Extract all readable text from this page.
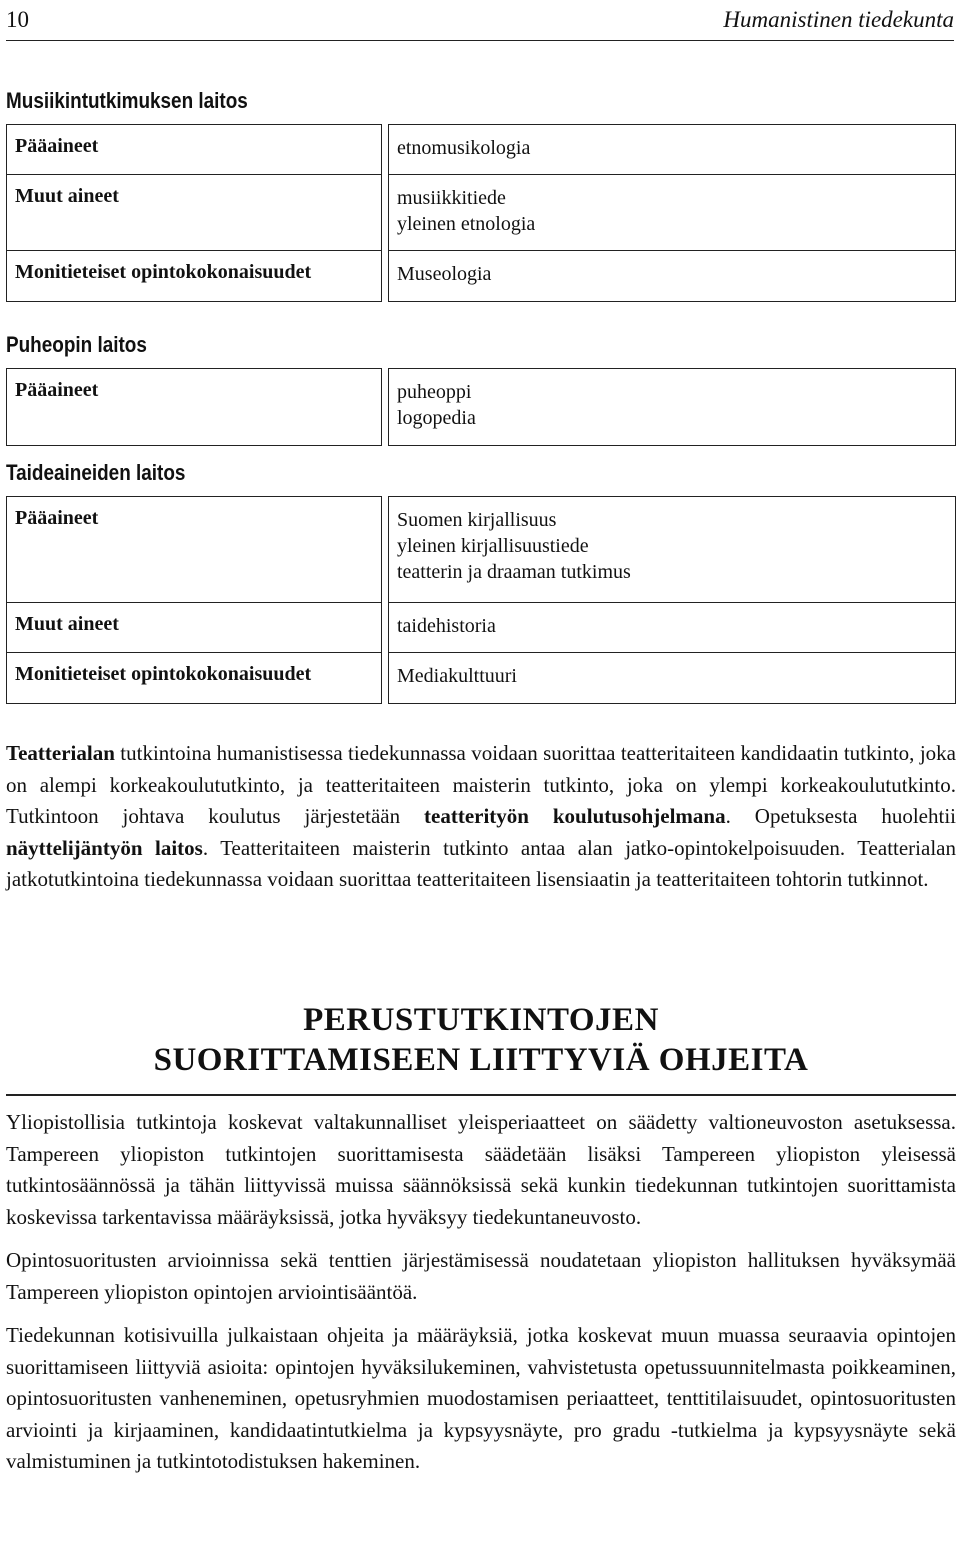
10	Humanistinen tiedekunta
Musiikintutkimuksen laitos
Pääaineet	etnomusikologia
Muut aineet	musiikkitiede
yleinen etnologia
Monitieteiset opintokokonaisuudet	Museologia
Puheopin laitos
Pääaineet	puheoppi
logopedia
Taideaineiden laitos
Pääaineet	Suomen kirjallisuus
yleinen kirjallisuustiede
teatterin ja draaman tutkimus
Muut aineet	taidehistoria
Monitieteiset opintokokonaisuudet	Mediakulttuuri

Teatterialan tutkintoina humanistisessa tiedekunnassa voidaan suorittaa teatteritaiteen kandidaatin tutkinto, joka on alempi korkeakoulututkinto, ja teatteritaiteen maisterin tutkinto, joka on ylempi korkeakoulututkinto. Tutkintoon johtava koulutus järjestetään teatterityön koulutusohjelmana. Opetuksesta huolehtii näyttelijäntyön laitos. Teatteritaiteen maisterin tutkinto antaa alan jatko-opintokelpoisuuden. Teatterialan jatkotutkintoina tiedekunnassa voidaan suorittaa teatteritaiteen lisensiaatin ja teatteritaiteen tohtorin tutkinnot.

PERUSTUTKINTOJEN
SUORITTAMISEEN LIITTYVIÄ OHJEITA

Yliopistollisia tutkintoja koskevat valtakunnalliset yleisperiaatteet on säädetty valtioneuvoston asetuksessa. Tampereen yliopiston tutkintojen suorittamisesta säädetään lisäksi Tampereen yliopiston yleisessä tutkintosäännössä ja tähän liittyvissä muissa säännöksissä sekä kunkin tiedekunnan tutkintojen suorittamista koskevissa tarkentavissa määräyksissä, jotka hyväksyy tiedekuntaneuvosto.

Opintosuoritusten arvioinnissa sekä tenttien järjestämisessä noudatetaan yliopiston hallituksen hyväksymää Tampereen yliopiston opintojen arviointisääntöä.

Tiedekunnan kotisivuilla julkaistaan ohjeita ja määräyksiä, jotka koskevat muun muassa seuraavia opintojen suorittamiseen liittyviä asioita: opintojen hyväksilukeminen, vahvistetusta opetussuunnitelmasta poikkeaminen, opintosuoritusten vanheneminen, opetusryhmien muodostamisen periaatteet, tenttitilaisuudet, opintosuoritusten arviointi ja kirjaaminen, kandidaatintutkielma ja kypsyysnäyte, pro gradu -tutkielma ja kypsyysnäyte sekä valmistuminen ja tutkintotodistuksen hakeminen.
